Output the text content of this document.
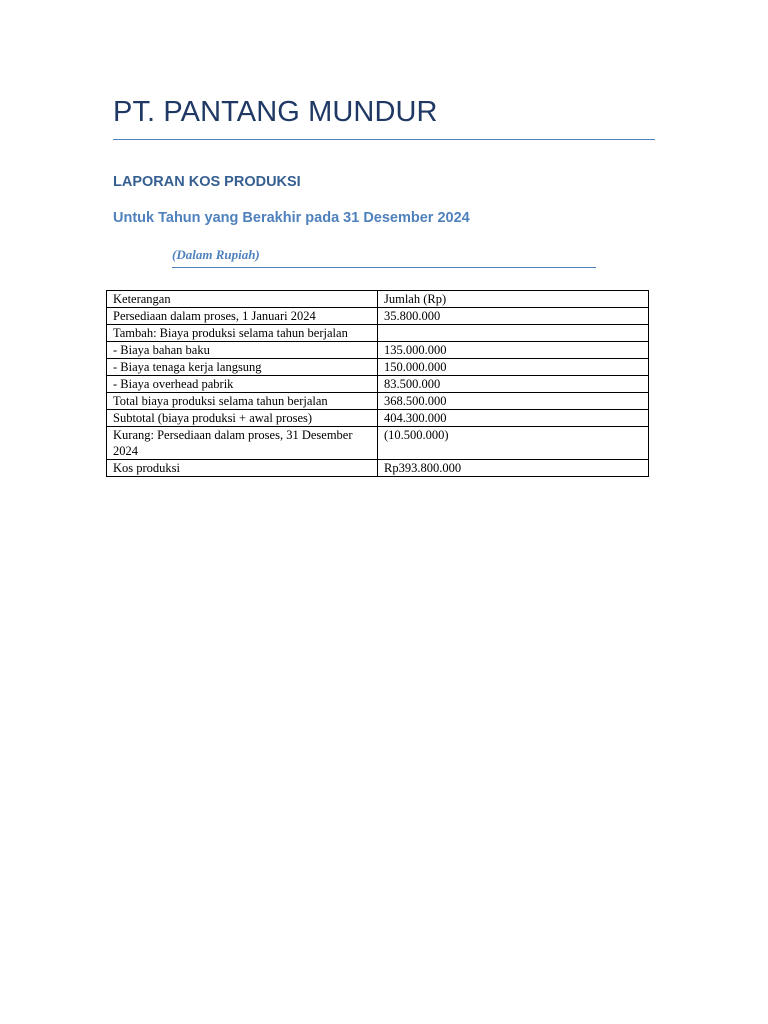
PT. PANTANG MUNDUR
LAPORAN KOS PRODUKSI
Untuk Tahun yang Berakhir pada 31 Desember 2024
(Dalam Rupiah)
Keterangan	Jumlah (Rp)
Persediaan dalam proses, 1 Januari 2024	35.800.000
Tambah: Biaya produksi selama tahun berjalan	
- Biaya bahan baku	135.000.000
- Biaya tenaga kerja langsung	150.000.000
- Biaya overhead pabrik	83.500.000
Total biaya produksi selama tahun berjalan	368.500.000
Subtotal (biaya produksi + awal proses)	404.300.000
Kurang: Persediaan dalam proses, 31 Desember 2024	(10.500.000)
Kos produksi	Rp393.800.000
